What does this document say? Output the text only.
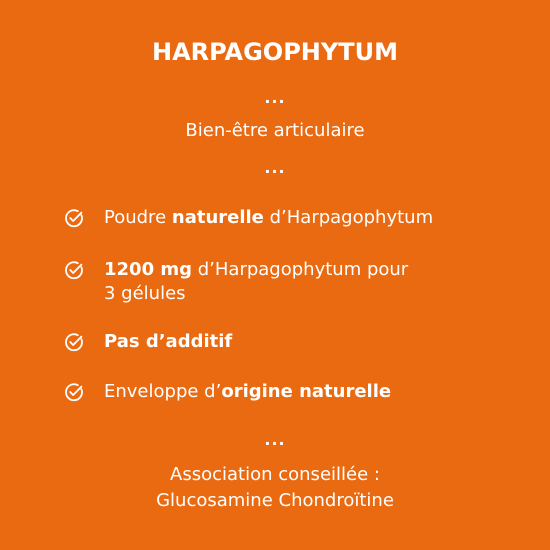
HARPAGOPHYTUM
...
Bien-être articulaire
...
Poudre naturelle d’Harpagophytum
1200 mg d’Harpagophytum pour
3 gélules
Pas d’additif
Enveloppe d’origine naturelle
...
Association conseillée :
Glucosamine Chondroïtine
